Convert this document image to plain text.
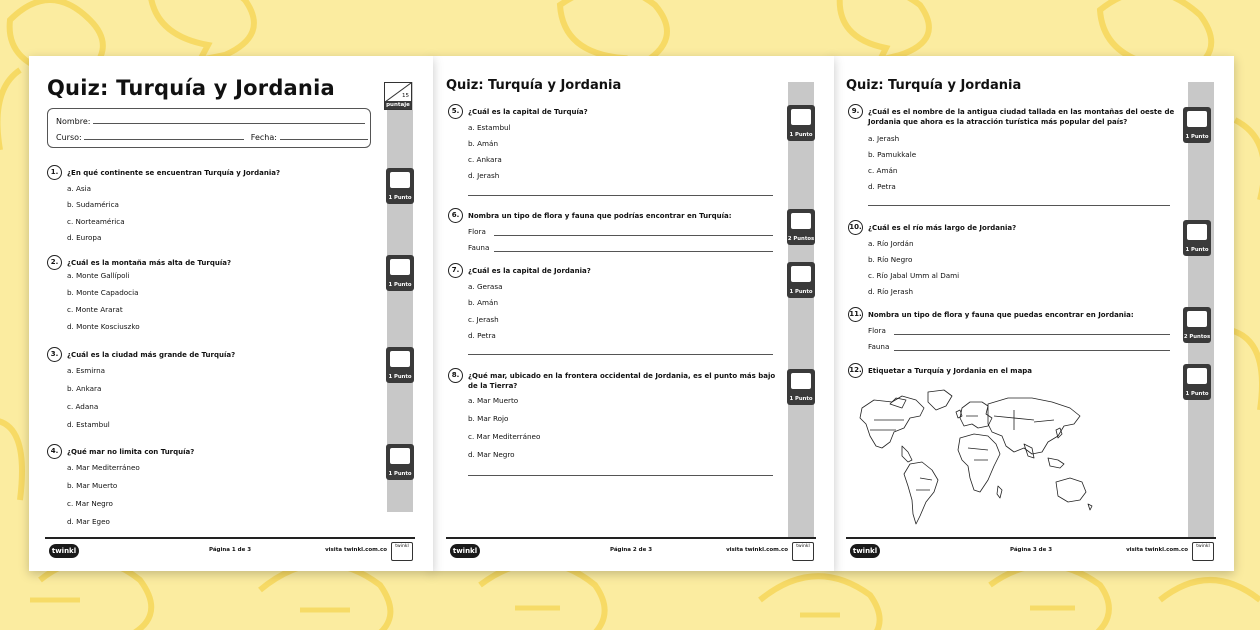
15
puntaje
Quiz: Turquía y Jordania
Nombre:
Curso:	Fecha:
1.	¿En qué continente se encuentran Turquía y Jordania?
a. Asia
b. Sudamérica
c. Norteamérica
d. Europa
1 Punto
2.	¿Cuál es la montaña más alta de Turquía?
a. Monte Gallípoli
b. Monte Capadocia
c. Monte Ararat
d. Monte Kosciuszko
1 Punto
3.	¿Cuál es la ciudad más grande de Turquía?
a. Esmirna
b. Ankara
c. Adana
d. Estambul
1 Punto
4.	¿Qué mar no limita con Turquía?
a. Mar Mediterráneo
b. Mar Muerto
c. Mar Negro
d. Mar Egeo
1 Punto
twinkl	Página 1 de 3	visita twinkl.com.co
twinkl
Quiz: Turquía y Jordania
5.	¿Cuál es la capital de Turquía?
a. Estambul
b. Amán
c. Ankara
d. Jerash
1 Punto
6.	Nombra un tipo de flora y fauna que podrías encontrar en Turquía:
Flora
Fauna
2 Puntos
7.	¿Cuál es la capital de Jordania?
a. Gerasa
b. Amán
c. Jerash
d. Petra
1 Punto
8.	¿Qué mar, ubicado en la frontera occidental de Jordania, es el punto más bajo de la Tierra?
a. Mar Muerto
b. Mar Rojo
c. Mar Mediterráneo
d. Mar Negro
1 Punto
twinkl	Página 2 de 3	visita twinkl.com.co
twinkl
Quiz: Turquía y Jordania
9.	¿Cuál es el nombre de la antigua ciudad tallada en las montañas del oeste de Jordania que ahora es la atracción turística más popular del país?
a. Jerash
b. Pamukkale
c. Amán
d. Petra
1 Punto
10. ¿Cuál es el río más largo de Jordania?
a. Río Jordán
b. Río Negro
c. Río Jabal Umm al Dami
d. Río Jerash
1 Punto
11. Nombra un tipo de flora y fauna que puedas encontrar en Jordania:
Flora
Fauna
2 Puntos
12. Etiquetar a Turquía y Jordania en el mapa
1 Punto
twinkl	Página 3 de 3	visita twinkl.com.co
twinkl
